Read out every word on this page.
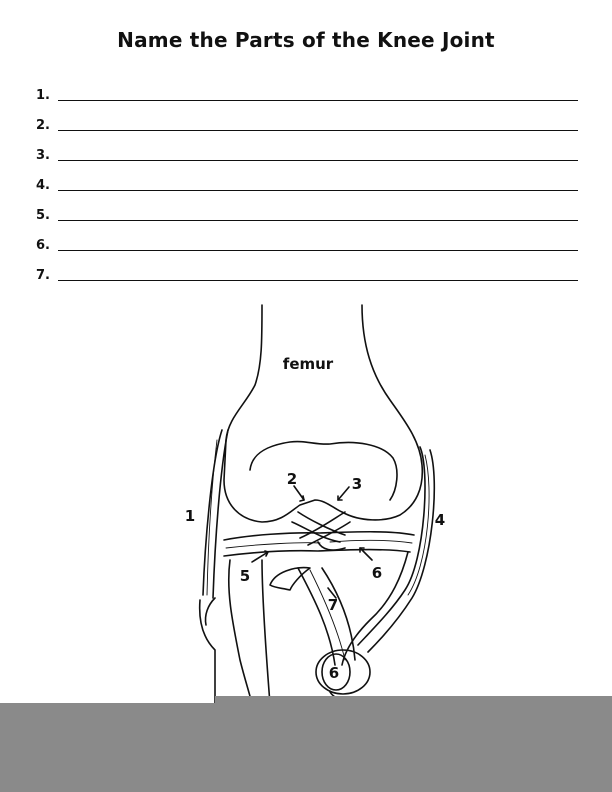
Name the Parts of the Knee Joint
1.
2.
3.
4.
5.
6.
7.
femur
1
2	3
4
5	6
7
6
